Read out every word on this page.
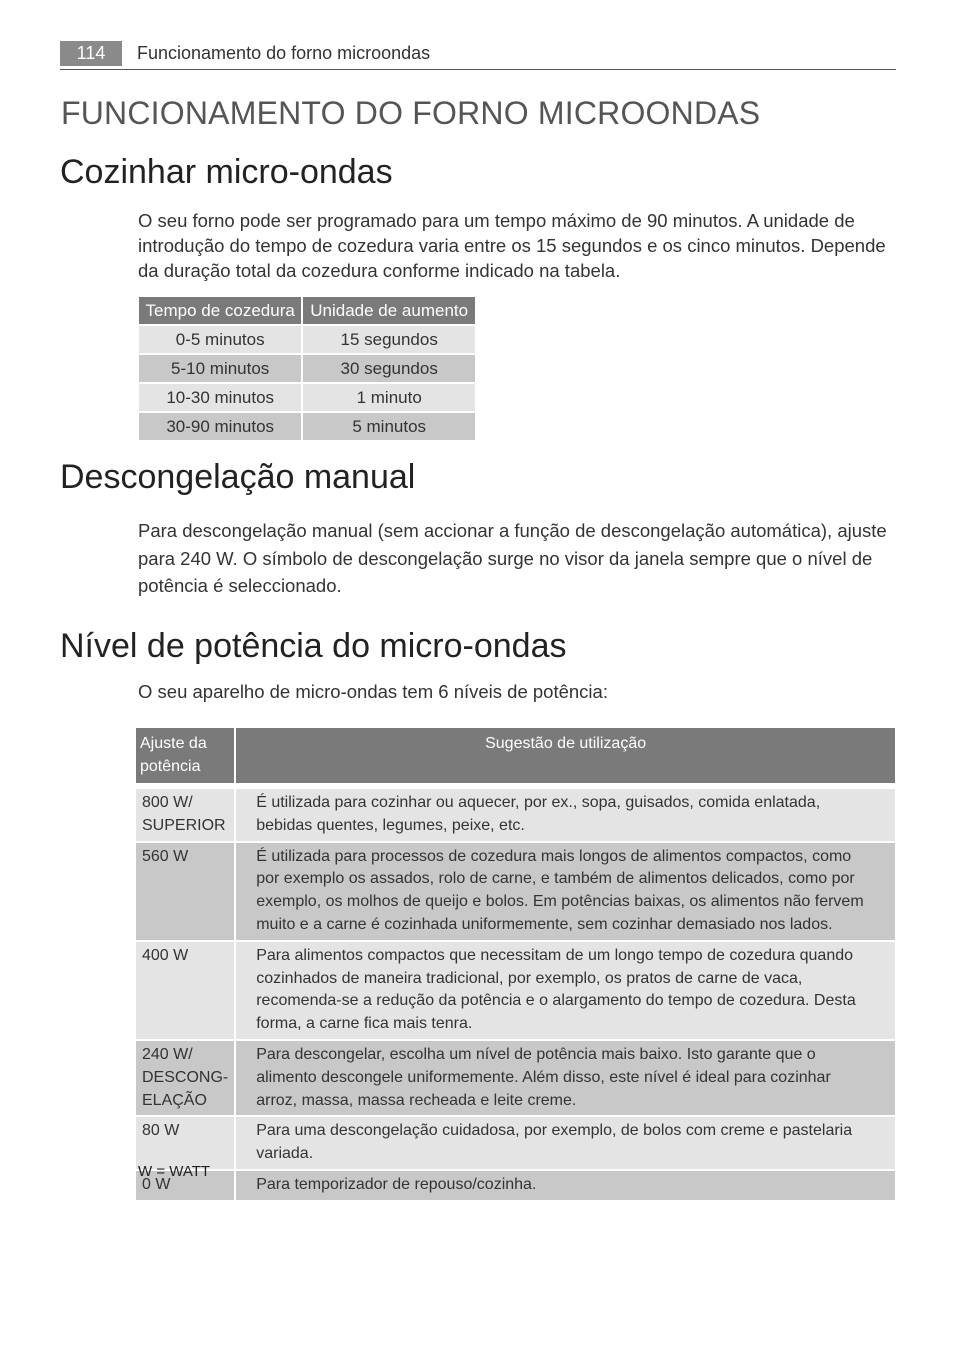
114	Funcionamento do forno microondas
FUNCIONAMENTO DO FORNO MICROONDAS
Cozinhar micro-ondas
O seu forno pode ser programado para um tempo máximo de 90 minutos. A unidade de introdução do tempo de cozedura varia entre os 15 segundos e os cinco minutos. Depende da duração total da cozedura conforme indicado na tabela.
Tempo de cozedura	Unidade de aumento
0-5 minutos	15 segundos
5-10 minutos	30 segundos
10-30 minutos	1 minuto
30-90 minutos	5 minutos
Descongelação manual
Para descongelação manual (sem accionar a função de descongelação automática), ajuste para 240 W. O símbolo de descongelação surge no visor da janela sempre que o nível de potência é seleccionado.
Nível de potência do micro-ondas
O seu aparelho de micro-ondas tem 6 níveis de potência:
Ajuste da potência	Sugestão de utilização

800 W/ SUPERIOR	É utilizada para cozinhar ou aquecer, por ex., sopa, guisados, comida enlatada, bebidas quentes, legumes, peixe, etc.
560 W	É utilizada para processos de cozedura mais longos de alimentos compactos, como por exemplo os assados, rolo de carne, e também de alimentos delicados, como por exemplo, os molhos de queijo e bolos. Em potências baixas, os alimentos não fervem muito e a carne é cozinhada uniformemente, sem cozinhar demasiado nos lados.
400 W	Para alimentos compactos que necessitam de um longo tempo de cozedura quando cozinhados de maneira tradicional, por exemplo, os pratos de carne de vaca, recomenda-se a redução da potência e o alargamento do tempo de cozedura. Desta forma, a carne fica mais tenra.
240 W/ DESCONG- ELAÇÃO	Para descongelar, escolha um nível de potência mais baixo. Isto garante que o alimento descongele uniformemente. Além disso, este nível é ideal para cozinhar arroz, massa, massa recheada e leite creme.
80 W	Para uma descongelação cuidadosa, por exemplo, de bolos com creme e pastelaria variada.
0 W	Para temporizador de repouso/cozinha.
W = WATT
